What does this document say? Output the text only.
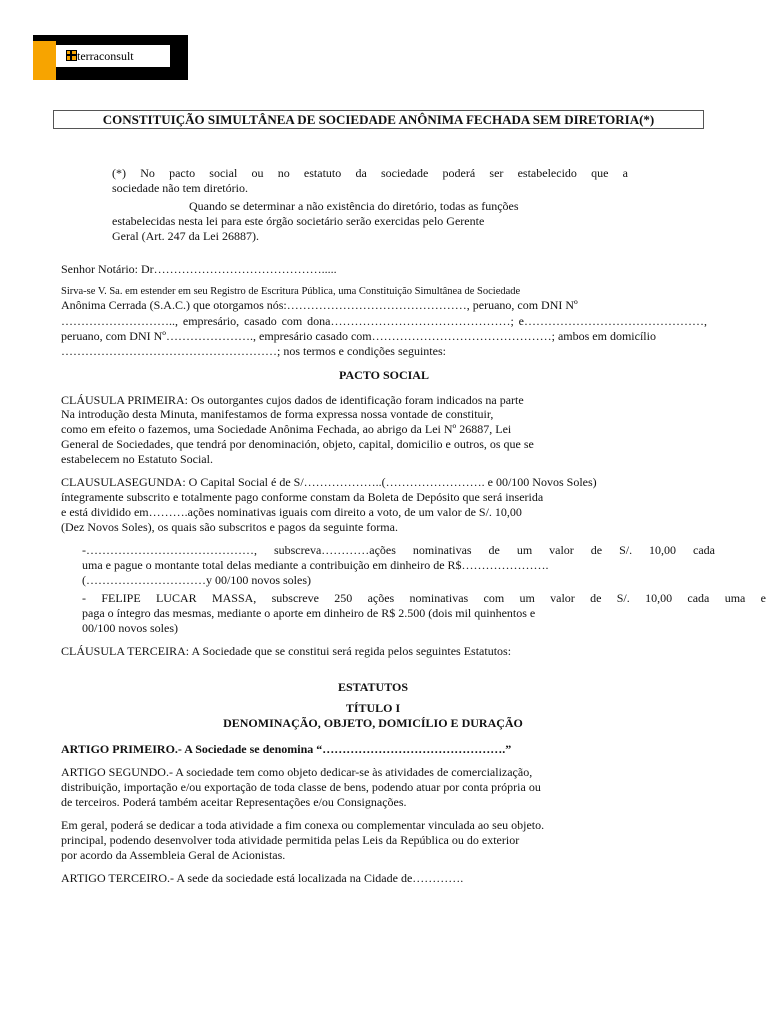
terraconsult
CONSTITUIÇÃO SIMULTÂNEA DE SOCIEDADE ANÔNIMA FECHADA SEM DIRETORIA(*)
(*) No pacto social ou no estatuto da sociedade poderá ser estabelecido que a
sociedade não tem diretório.
Quando se determinar a não existência do diretório, todas as funções
estabelecidas nesta lei para este órgão societário serão exercidas pelo Gerente
Geral (Art. 247 da Lei 26887).
Senhor Notário: Dr…………………………………….....
Sirva-se V. Sa. em estender em seu Registro de Escritura Pública, uma Constituição Simultânea de Sociedade
Anônima Cerrada (S.A.C.) que otorgamos nós:………………………………………, peruano, com DNI Nº
……………………….., empresário, casado com dona………………………………………; e………………………………………,
peruano, com DNI Nº…………………., empresário casado com………………………………………; ambos em domicílio
………………………………………………; nos termos e condições seguintes:
PACTO SOCIAL
CLÁUSULA PRIMEIRA: Os outorgantes cujos dados de identificação foram indicados na parte
Na introdução desta Minuta, manifestamos de forma expressa nossa vontade de constituir,
como em efeito o fazemos, uma Sociedade Anônima Fechada, ao abrigo da Lei Nº 26887, Lei
General de Sociedades, que tendrá por denominación, objeto, capital, domicilio e outros, os que se
estabelecem no Estatuto Social.
CLAUSULASEGUNDA: O Capital Social é de S/………………..(……………………. e 00/100 Novos Soles)
íntegramente subscrito e totalmente pago conforme constam da Boleta de Depósito que será inserida
e está dividido em……….ações nominativas iguais com direito a voto, de um valor de S/. 10,00
(Dez Novos Soles), os quais são subscritos e pagos da seguinte forma.
-……………………………………, subscreva…………ações nominativas de um valor de S/. 10,00 cada
uma e pague o montante total delas mediante a contribuição em dinheiro de R$………………….
(…………………………y 00/100 novos soles)
- FELIPE LUCAR MASSA, subscreve 250 ações nominativas com um valor de S/. 10,00 cada uma e
paga o íntegro das mesmas, mediante o aporte em dinheiro de R$ 2.500 (dois mil quinhentos e
00/100 novos soles)
CLÁUSULA TERCEIRA: A Sociedade que se constitui será regida pelos seguintes Estatutos:
ESTATUTOS
TÍTULO I
DENOMINAÇÃO, OBJETO, DOMICÍLIO E DURAÇÃO
ARTIGO PRIMEIRO.- A Sociedade se denomina “……………………………………….”
ARTIGO SEGUNDO.- A sociedade tem como objeto dedicar-se às atividades de comercialização,
distribuição, importação e/ou exportação de toda classe de bens, podendo atuar por conta própria ou
de terceiros. Poderá também aceitar Representações e/ou Consignações.
Em geral, poderá se dedicar a toda atividade a fim conexa ou complementar vinculada ao seu objeto.
principal, podendo desenvolver toda atividade permitida pelas Leis da República ou do exterior
por acordo da Assembleia Geral de Acionistas.
ARTIGO TERCEIRO.- A sede da sociedade está localizada na Cidade de………….
